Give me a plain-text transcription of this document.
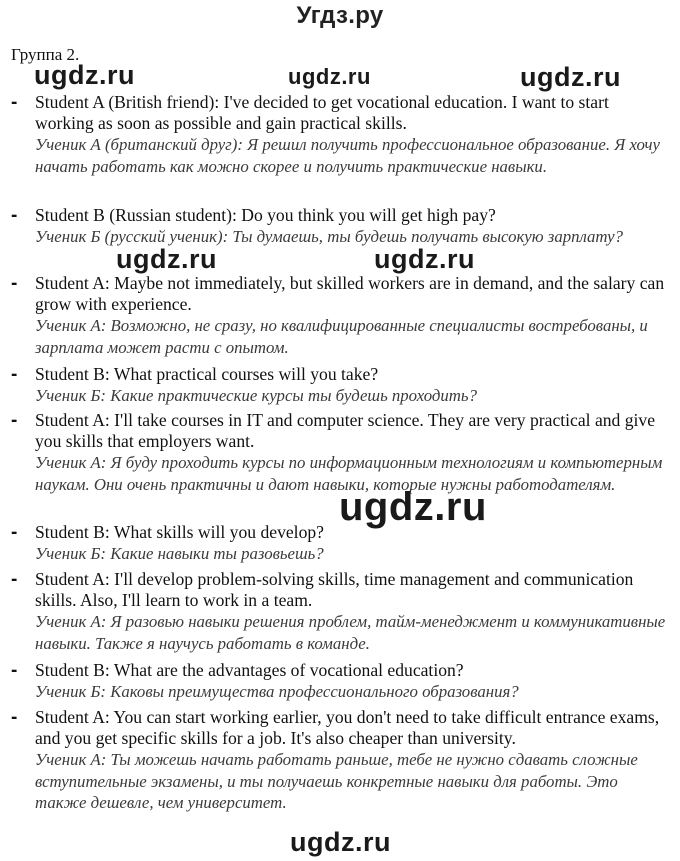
Угдз.ру
Группа 2.
- Student A (British friend): I've decided to get vocational education. I want to start working as soon as possible and gain practical skills.

Ученик А (британский друг): Я решил получить профессиональное образование. Я хочу начать работать как можно скорее и получить практические навыки.

- Student B (Russian student): Do you think you will get high pay?

Ученик Б (русский ученик): Ты думаешь, ты будешь получать высокую зарплату?

- Student A: Maybe not immediately, but skilled workers are in demand, and the salary can grow with experience.

Ученик А: Возможно, не сразу, но квалифицированные специалисты востребованы, и зарплата может расти с опытом.

- Student B: What practical courses will you take?

Ученик Б: Какие практические курсы ты будешь проходить?

- Student A: I'll take courses in IT and computer science. They are very practical and give you skills that employers want.

Ученик А: Я буду проходить курсы по информационным технологиям и компьютерным наукам. Они очень практичны и дают навыки, которые нужны работодателям.

- Student B: What skills will you develop?

Ученик Б: Какие навыки ты разовьешь?

- Student A: I'll develop problem-solving skills, time management and communication skills. Also, I'll learn to work in a team.

Ученик А: Я разовью навыки решения проблем, тайм-менеджмент и коммуникативные навыки. Также я научусь работать в команде.

- Student B: What are the advantages of vocational education?

Ученик Б: Каковы преимущества профессионального образования?

- Student A: You can start working earlier, you don't need to take difficult entrance exams, and you get specific skills for a job. It's also cheaper than university.

Ученик А: Ты можешь начать работать раньше, тебе не нужно сдавать сложные вступительные экзамены, и ты получаешь конкретные навыки для работы. Это также дешевле, чем университет.

ugdz.ru	ugdz.ru	ugdz.ru
ugdz.ru	ugdz.ru
ugdz.ru
ugdz.ru
